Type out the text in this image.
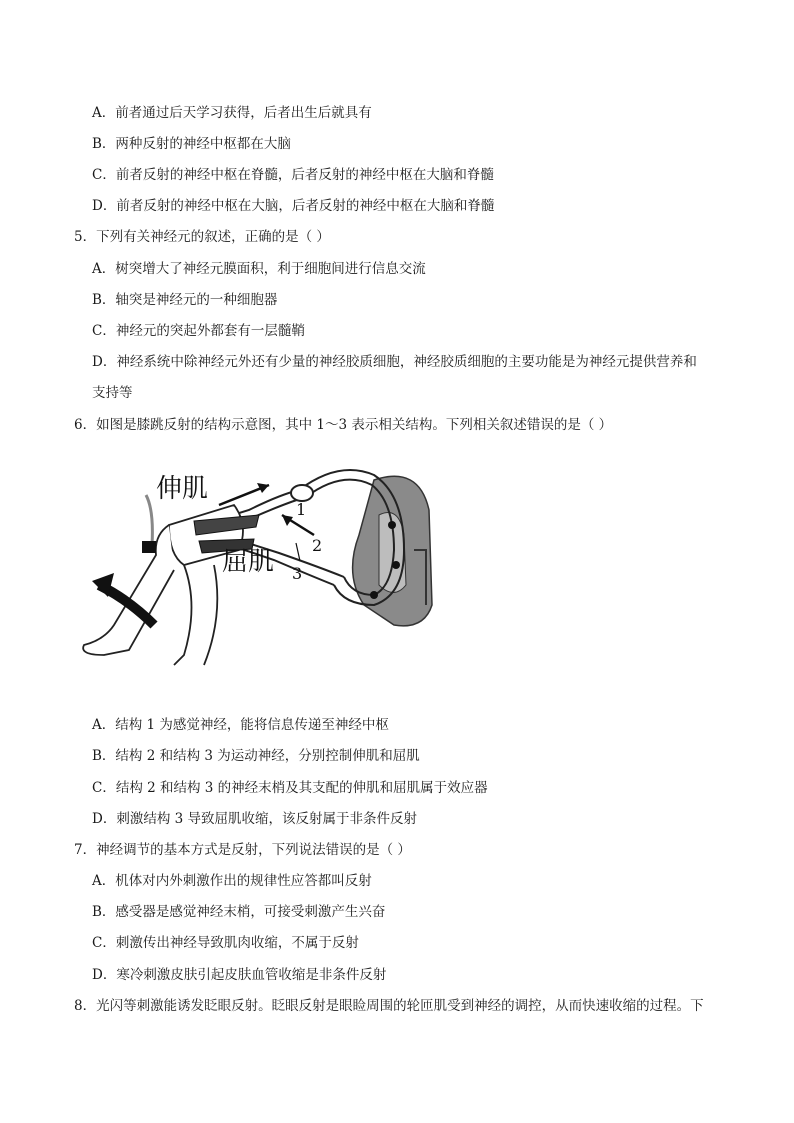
A．前者通过后天学习获得，后者出生后就具有
B．两种反射的神经中枢都在大脑
C．前者反射的神经中枢在脊髓，后者反射的神经中枢在大脑和脊髓
D．前者反射的神经中枢在大脑，后者反射的神经中枢在大脑和脊髓
5．下列有关神经元的叙述，正确的是（ ）
A．树突增大了神经元膜面积，利于细胞间进行信息交流
B．轴突是神经元的一种细胞器
C．神经元的突起外都套有一层髓鞘
D．神经系统中除神经元外还有少量的神经胶质细胞，神经胶质细胞的主要功能是为神经元提供营养和
支持等
6．如图是膝跳反射的结构示意图，其中 1～3 表示相关结构。下列相关叙述错误的是（ ）
伸肌
屈肌
1
2
3
A．结构 1 为感觉神经，能将信息传递至神经中枢
B．结构 2 和结构 3 为运动神经，分别控制伸肌和屈肌
C．结构 2 和结构 3 的神经末梢及其支配的伸肌和屈肌属于效应器
D．刺激结构 3 导致屈肌收缩，该反射属于非条件反射
7．神经调节的基本方式是反射，下列说法错误的是（ ）
A．机体对内外刺激作出的规律性应答都叫反射
B．感受器是感觉神经末梢，可接受刺激产生兴奋
C．刺激传出神经导致肌肉收缩，不属于反射
D．寒冷刺激皮肤引起皮肤血管收缩是非条件反射
8．光闪等刺激能诱发眨眼反射。眨眼反射是眼睑周围的轮匝肌受到神经的调控，从而快速收缩的过程。下
